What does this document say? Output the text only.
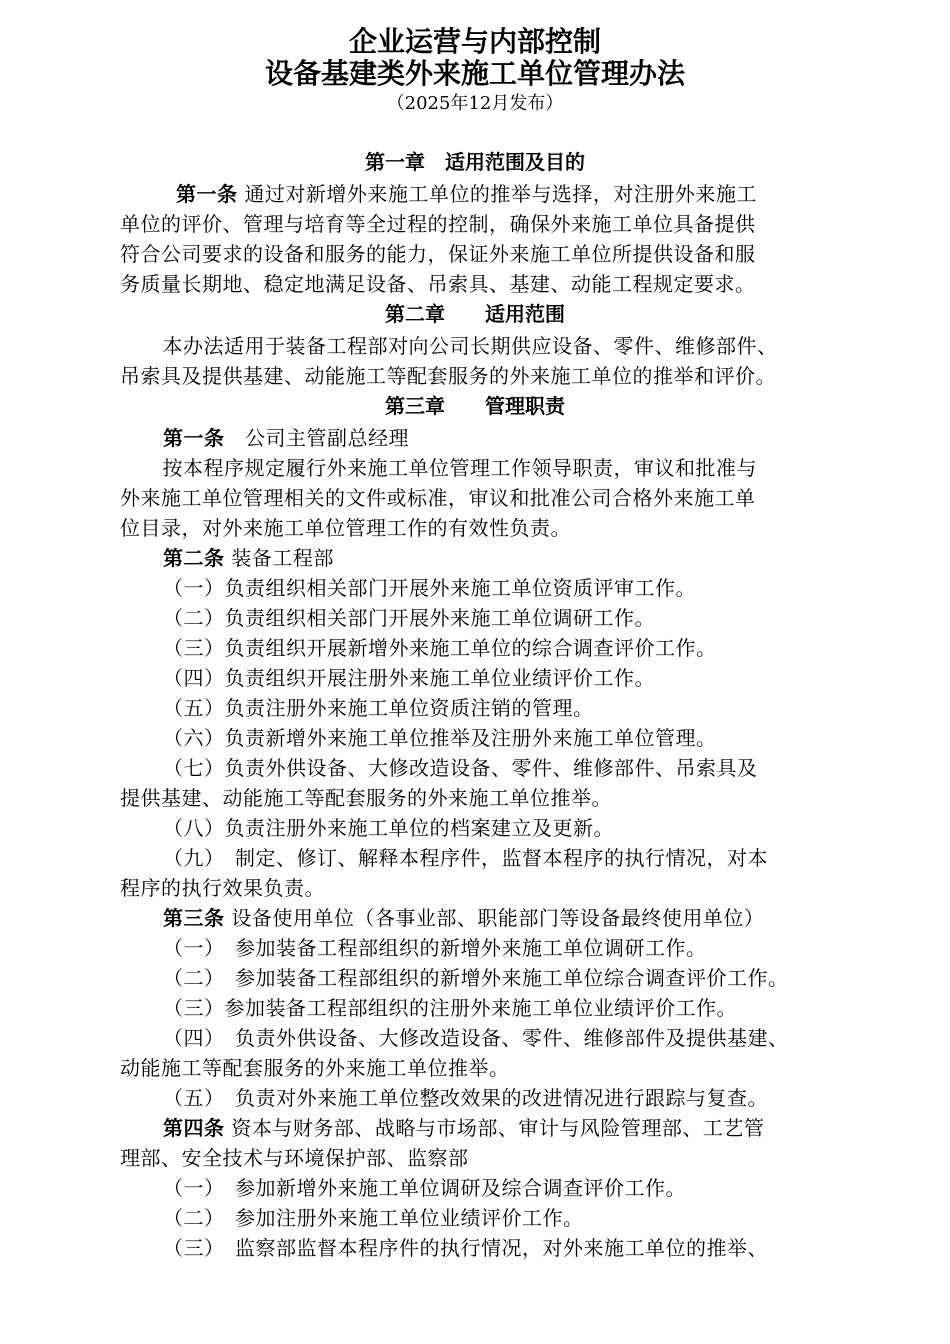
企业运营与内部控制
设备基建类外来施工单位管理办法
（2025年12月发布）
第一章　适用范围及目的
第一条 通过对新增外来施工单位的推举与选择，对注册外来施工
单位的评价、管理与培育等全过程的控制，确保外来施工单位具备提供
符合公司要求的设备和服务的能力，保证外来施工单位所提供设备和服
务质量长期地、稳定地满足设备、吊索具、基建、动能工程规定要求。
第二章　　适用范围
　本办法适用于装备工程部对向公司长期供应设备、零件、维修部件、
吊索具及提供基建、动能施工等配套服务的外来施工单位的推举和评价。
第三章　　管理职责
第一条　公司主管副总经理
　按本程序规定履行外来施工单位管理工作领导职责，审议和批准与
外来施工单位管理相关的文件或标准，审议和批准公司合格外来施工单
位目录，对外来施工单位管理工作的有效性负责。
第二条 装备工程部
（一）负责组织相关部门开展外来施工单位资质评审工作。
（二）负责组织相关部门开展外来施工单位调研工作。
（三）负责组织开展新增外来施工单位的综合调查评价工作。
（四）负责组织开展注册外来施工单位业绩评价工作。
（五）负责注册外来施工单位资质注销的管理。
（六）负责新增外来施工单位推举及注册外来施工单位管理。
（七）负责外供设备、大修改造设备、零件、维修部件、吊索具及
提供基建、动能施工等配套服务的外来施工单位推举。
（八）负责注册外来施工单位的档案建立及更新。
（九）　制定、修订、解释本程序件，监督本程序的执行情况，对本
程序的执行效果负责。
第三条 设备使用单位（各事业部、职能部门等设备最终使用单位）
（一）　参加装备工程部组织的新增外来施工单位调研工作。
（二）　参加装备工程部组织的新增外来施工单位综合调查评价工作。
（三）参加装备工程部组织的注册外来施工单位业绩评价工作。
（四）　负责外供设备、大修改造设备、零件、维修部件及提供基建、
动能施工等配套服务的外来施工单位推举。
（五）　负责对外来施工单位整改效果的改进情况进行跟踪与复查。
第四条 资本与财务部、战略与市场部、审计与风险管理部、工艺管
理部、安全技术与环境保护部、监察部
（一）　参加新增外来施工单位调研及综合调查评价工作。
（二）　参加注册外来施工单位业绩评价工作。
（三）　监察部监督本程序件的执行情况，对外来施工单位的推举、
